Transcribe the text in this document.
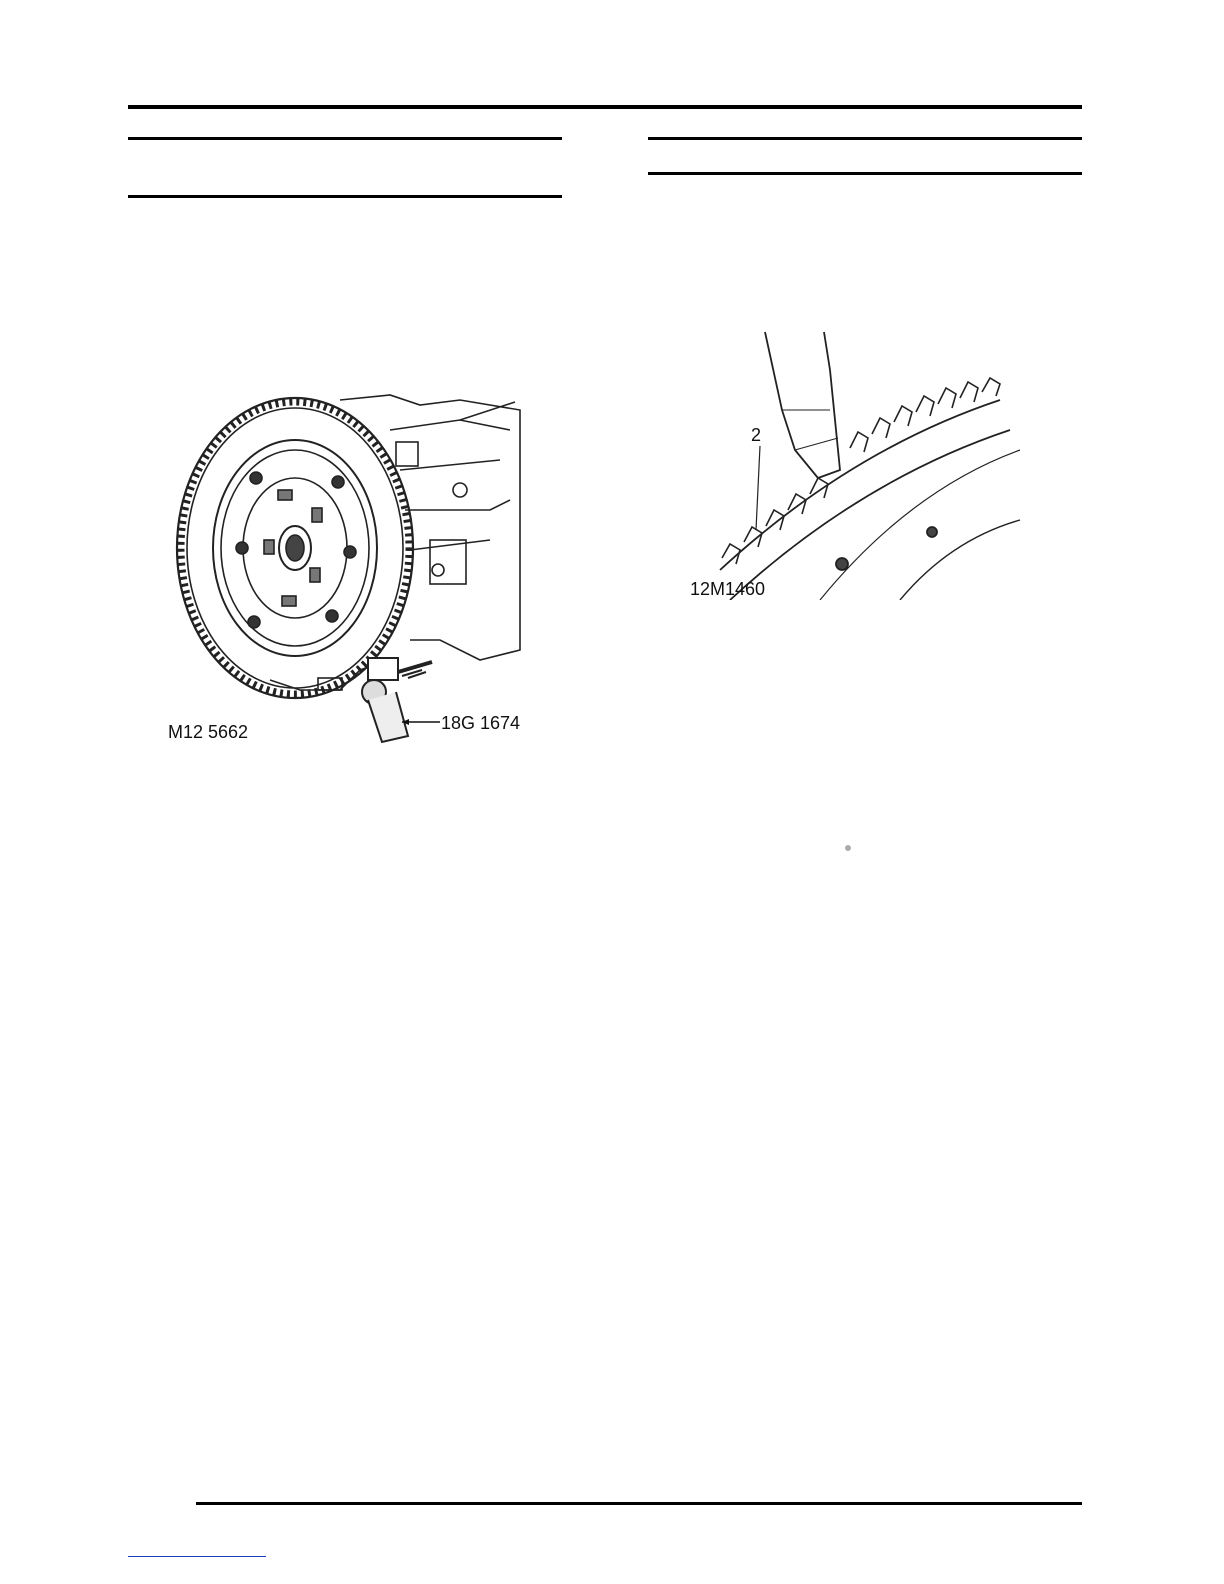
M12 5662	18G 1674
2
12M1460
